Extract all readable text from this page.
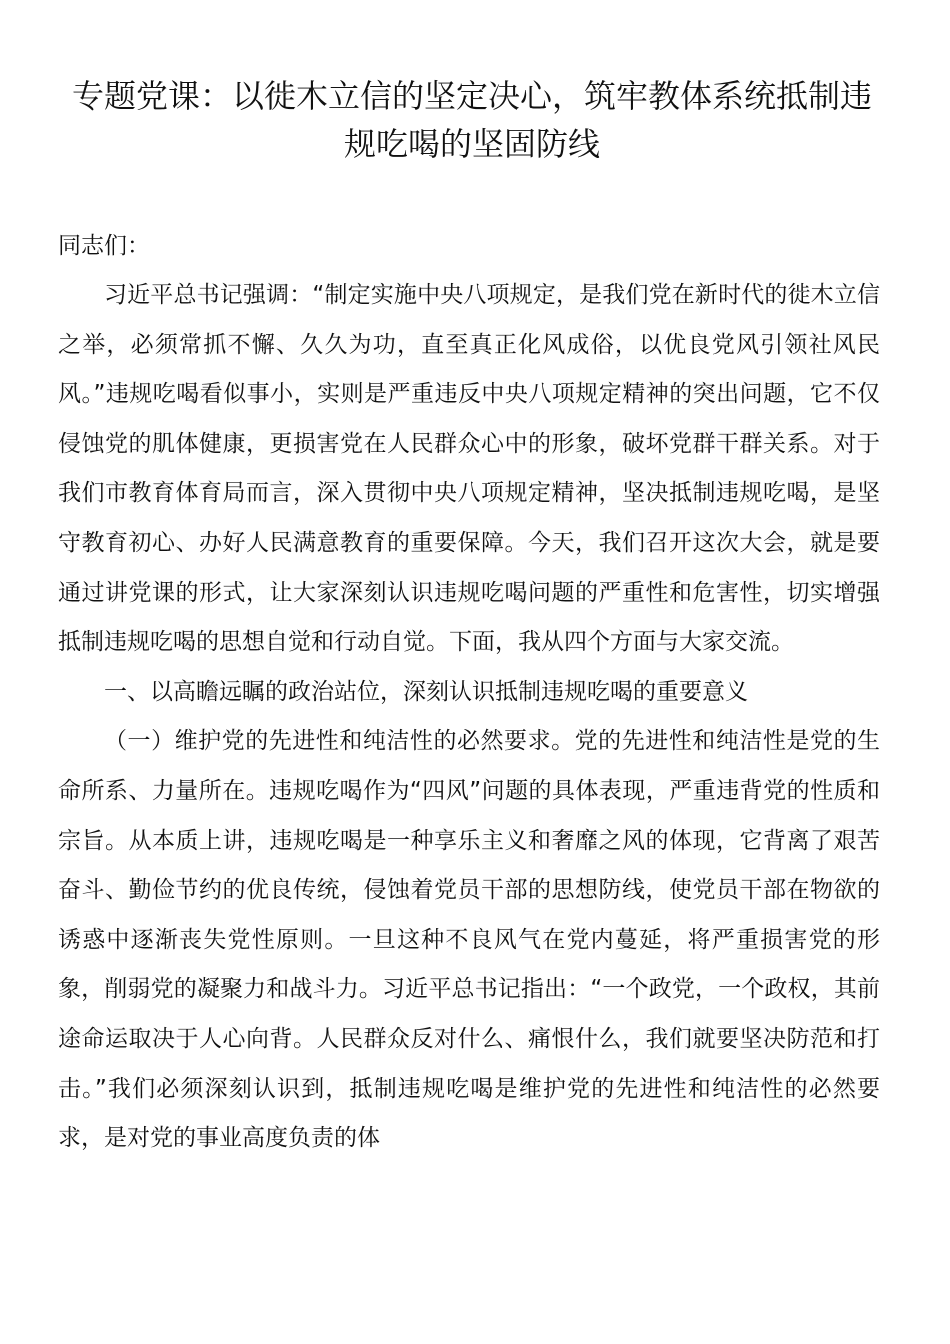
专题党课：以徙木立信的坚定决心，筑牢教体系统抵制违规吃喝的坚固防线

同志们：

习近平总书记强调：“制定实施中央八项规定，是我们党在新时代的徙木立信之举，必须常抓不懈、久久为功，直至真正化风成俗，以优良党风引领社风民风。”违规吃喝看似事小，实则是严重违反中央八项规定精神的突出问题，它不仅侵蚀党的肌体健康，更损害党在人民群众心中的形象，破坏党群干群关系。对于我们市教育体育局而言，深入贯彻中央八项规定精神，坚决抵制违规吃喝，是坚守教育初心、办好人民满意教育的重要保障。今天，我们召开这次大会，就是要通过讲党课的形式，让大家深刻认识违规吃喝问题的严重性和危害性，切实增强抵制违规吃喝的思想自觉和行动自觉。下面，我从四个方面与大家交流。

一、以高瞻远瞩的政治站位，深刻认识抵制违规吃喝的重要意义

（一）维护党的先进性和纯洁性的必然要求。党的先进性和纯洁性是党的生命所系、力量所在。违规吃喝作为“四风”问题的具体表现，严重违背党的性质和宗旨。从本质上讲，违规吃喝是一种享乐主义和奢靡之风的体现，它背离了艰苦奋斗、勤俭节约的优良传统，侵蚀着党员干部的思想防线，使党员干部在物欲的诱惑中逐渐丧失党性原则。一旦这种不良风气在党内蔓延，将严重损害党的形象，削弱党的凝聚力和战斗力。习近平总书记指出：“一个政党，一个政权，其前途命运取决于人心向背。人民群众反对什么、痛恨什么，我们就要坚决防范和打击。”我们必须深刻认识到，抵制违规吃喝是维护党的先进性和纯洁性的必然要求，是对党的事业高度负责的体
